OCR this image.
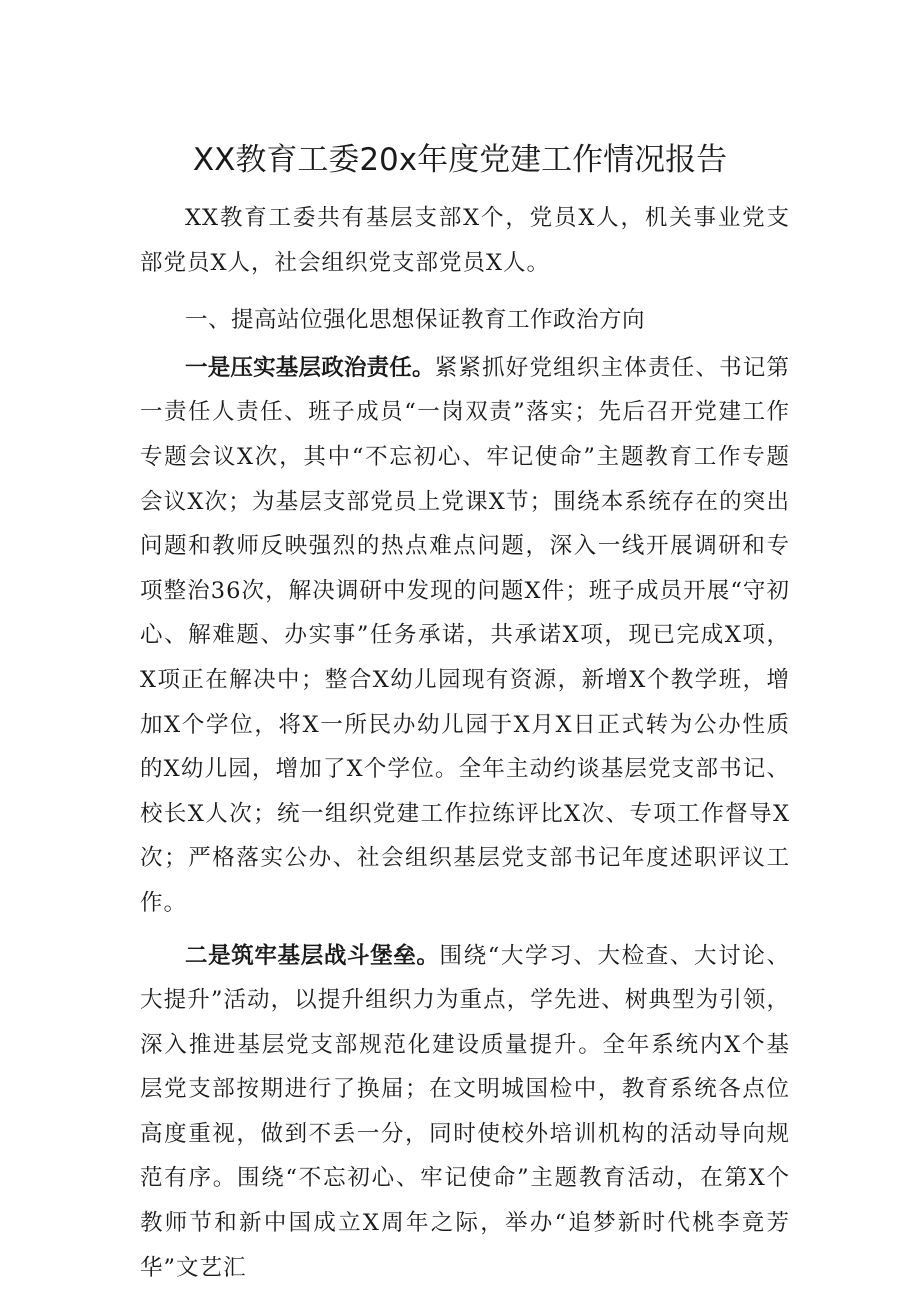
XX教育工委20x年度党建工作情况报告

XX教育工委共有基层支部X个，党员X人，机关事业党支部党员X人，社会组织党支部党员X人。

一、提高站位强化思想保证教育工作政治方向

一是压实基层政治责任。紧紧抓好党组织主体责任、书记第一责任人责任、班子成员“一岗双责”落实；先后召开党建工作专题会议X次，其中“不忘初心、牢记使命”主题教育工作专题会议X次；为基层支部党员上党课X节；围绕本系统存在的突出问题和教师反映强烈的热点难点问题，深入一线开展调研和专项整治36次，解决调研中发现的问题X件；班子成员开展“守初心、解难题、办实事”任务承诺，共承诺X项，现已完成X项，X项正在解决中；整合X幼儿园现有资源，新增X个教学班，增加X个学位，将X一所民办幼儿园于X月X日正式转为公办性质的X幼儿园，增加了X个学位。全年主动约谈基层党支部书记、校长X人次；统一组织党建工作拉练评比X次、专项工作督导X次；严格落实公办、社会组织基层党支部书记年度述职评议工作。

二是筑牢基层战斗堡垒。围绕“大学习、大检查、大讨论、大提升”活动，以提升组织力为重点，学先进、树典型为引领，深入推进基层党支部规范化建设质量提升。全年系统内X个基层党支部按期进行了换届；在文明城国检中，教育系统各点位高度重视，做到不丢一分，同时使校外培训机构的活动导向规范有序。围绕“不忘初心、牢记使命”主题教育活动，在第X个教师节和新中国成立X周年之际，举办“追梦新时代桃李竟芳华”文艺汇
